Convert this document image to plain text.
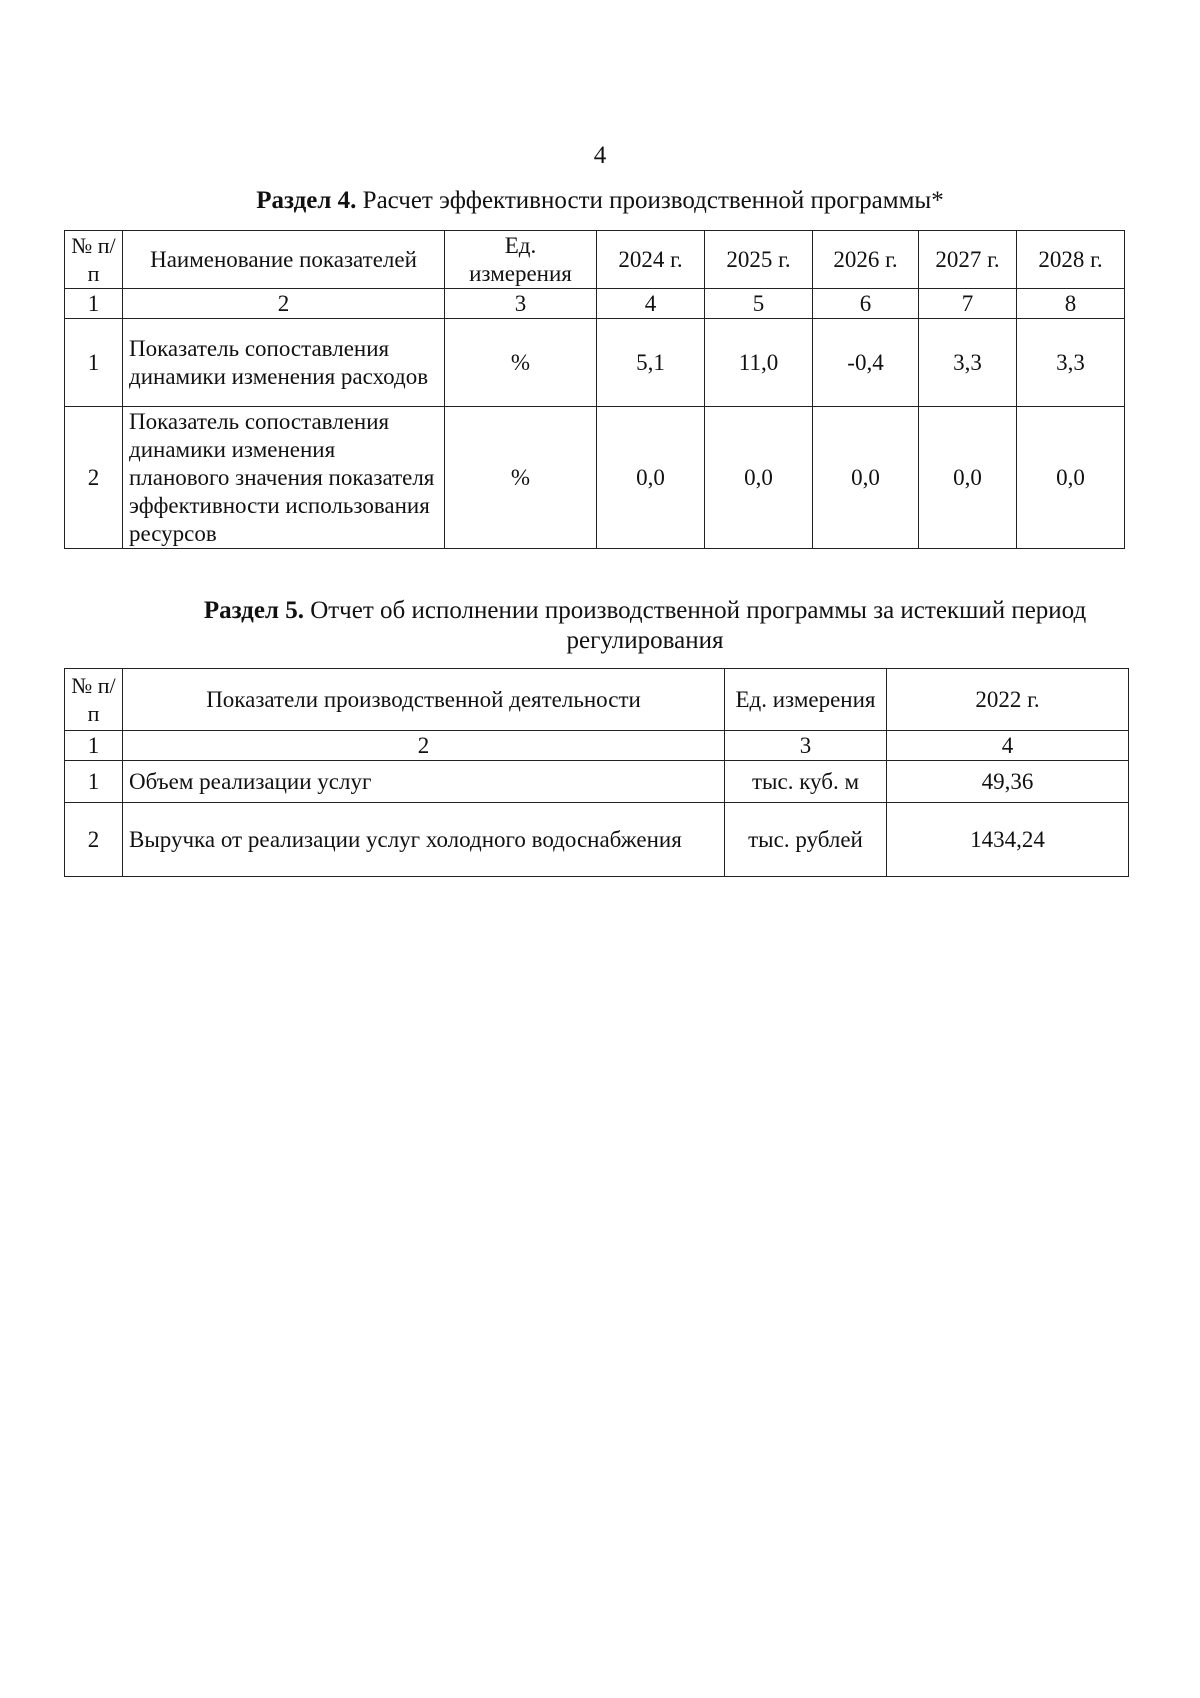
4
Раздел 4. Расчет эффективности производственной программы*
№ п/п	Наименование показателей	Ед. измерения	2024 г.	2025 г.	2026 г.	2027 г.	2028 г.
1	2	3	4	5	6	7	8
1	Показатель сопоставления динамики изменения расходов	%	5,1	11,0	-0,4	3,3	3,3
2	Показатель сопоставления динамики изменения планового значения показателя эффективности использования ресурсов	%	0,0	0,0	0,0	0,0	0,0
Раздел 5. Отчет об исполнении производственной программы за истекший период регулирования
№ п/п	Показатели производственной деятельности	Ед. измерения	2022 г.
1	2	3	4
1	Объем реализации услуг	тыс. куб. м	49,36
2	Выручка от реализации услуг холодного водоснабжения	тыс. рублей	1434,24
